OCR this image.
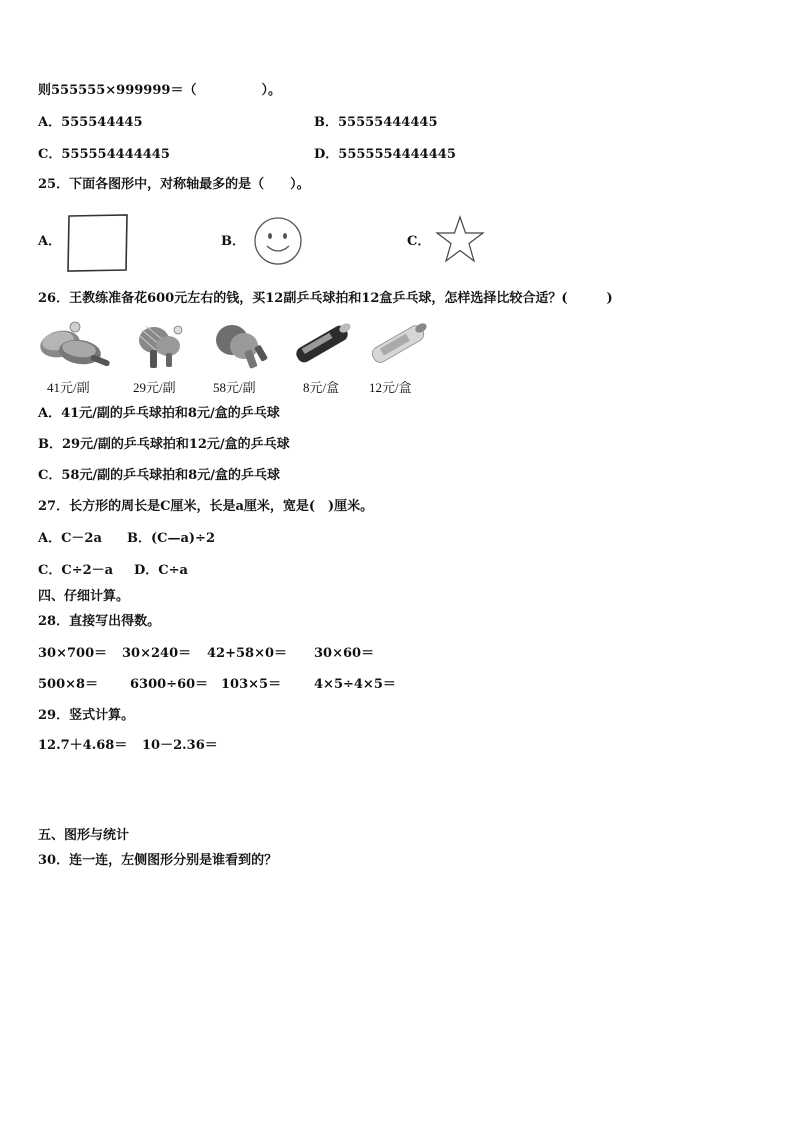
则555555×999999＝（　　　　　）。
A．555544445	B．55555444445
C．555554444445	D．5555554444445
25．下面各图形中，对称轴最多的是（　　）。
A．	B．	C．
26．王教练准备花600元左右的钱，买12副乒乓球拍和12盒乒乓球，怎样选择比较合适？(　　　)
41元/副	29元/副	58元/副	8元/盒 12元/盒
A．41元/副的乒乓球拍和8元/盒的乒乓球
B．29元/副的乒乓球拍和12元/盒的乒乓球
C．58元/副的乒乓球拍和8元/盒的乒乓球
27．长方形的周长是C厘米，长是a厘米，宽是(　)厘米。
A．C－2a B．(C—a)÷2
C．C÷2－a D．C÷a
四、仔细计算。
28．直接写出得数。
30×700＝ 30×240＝ 42+58×0＝ 30×60＝
500×8＝ 6300÷60＝ 103×5＝	4×5÷4×5＝
29．竖式计算。
12.7＋4.68＝ 10－2.36＝
五、图形与统计
30．连一连，左侧图形分别是谁看到的？
